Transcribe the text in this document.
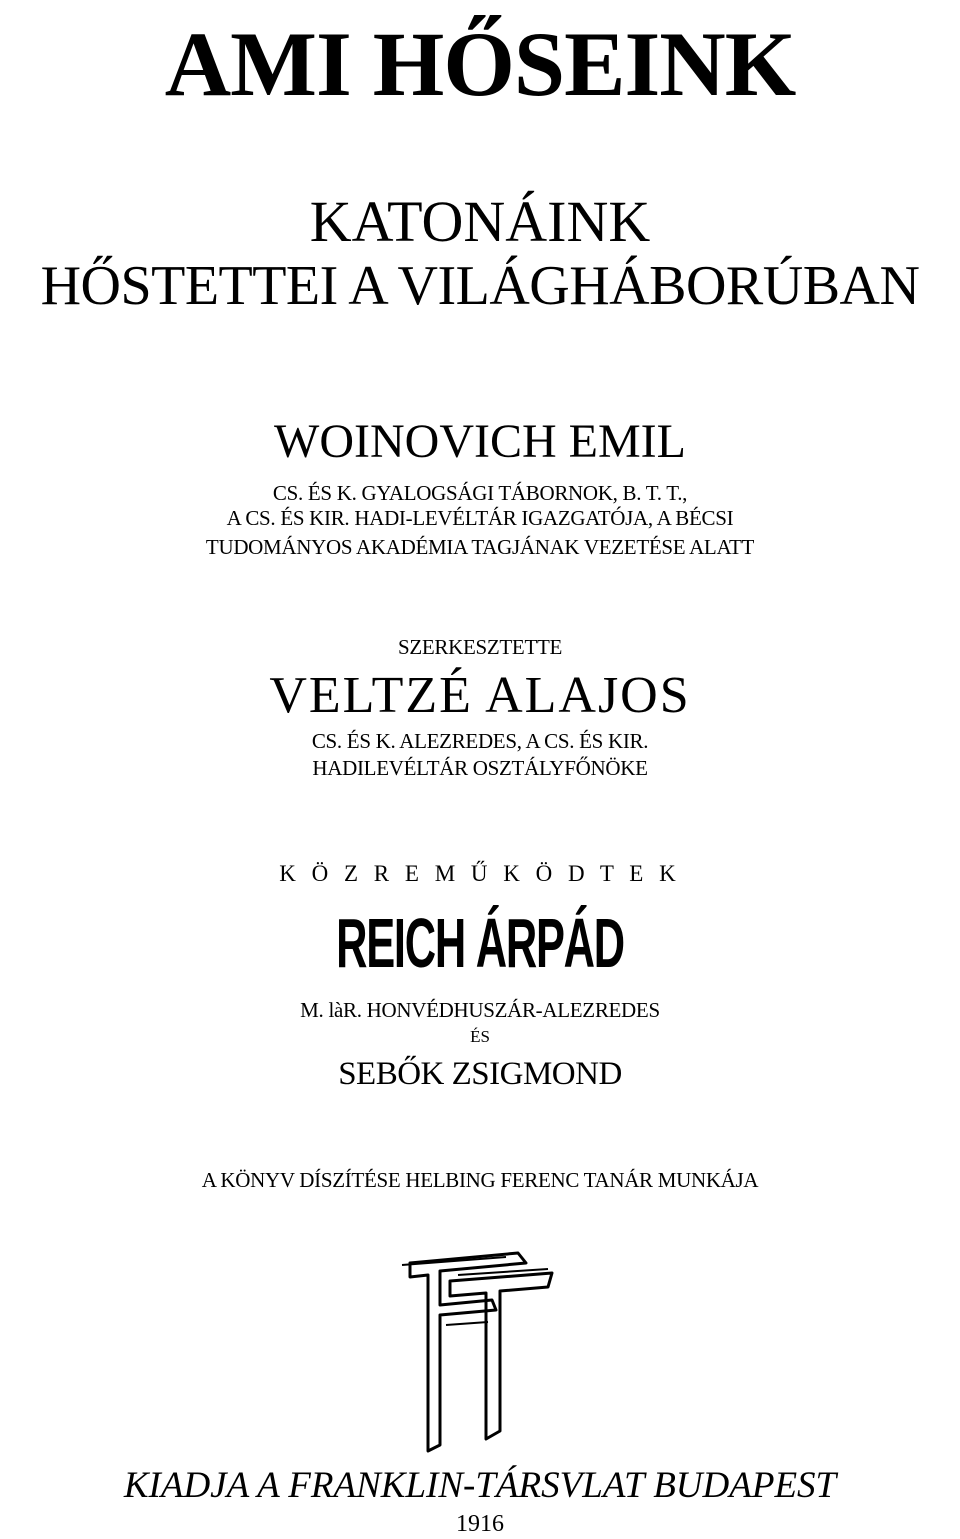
AMI HŐSEINK
KATONÁINK
HŐSTETTEI A VILÁGHÁBORÚBAN
WOINOVICH EMIL
CS. ÉS K. GYALOGSÁGI TÁBORNOK, B. T. T.,
A CS. ÉS KIR. HADI-LEVÉLTÁR IGAZGATÓJA, A BÉCSI
TUDOMÁNYOS AKADÉMIA TAGJÁNAK VEZETÉSE ALATT
SZERKESZTETTE
VELTZÉ ALAJOS
CS. ÉS K. ALEZREDES, A CS. ÉS KIR.
HADILEVÉLTÁR OSZTÁLYFŐNÖKE
K Ö Z R E M Ű K Ö D T E K
REICH ÁRPÁD
M. làR. HONVÉDHUSZÁR-ALEZREDES
ÉS
SEBŐK ZSIGMOND
A KÖNYV DÍSZÍTÉSE HELBING FERENC TANÁR MUNKÁJA
KIADJA A FRANKLIN-TÁRSVLAT BUDAPEST
1916
